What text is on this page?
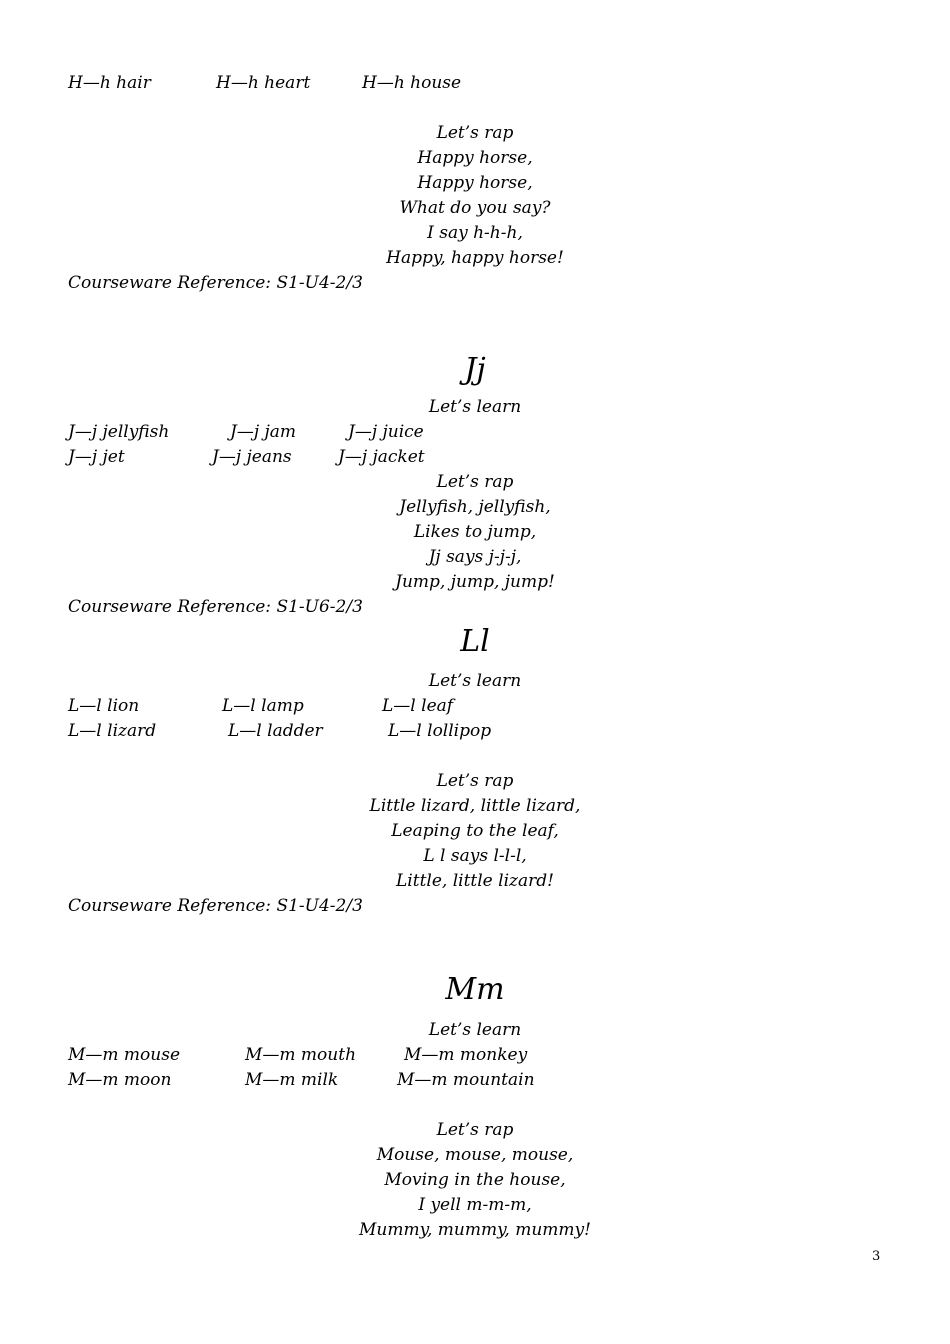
H—h hair	H—h heart	H—h house
Let’s rap
Happy horse,
Happy horse,
What do you say?
I say h-h-h,
Happy, happy horse!
Courseware Reference: S1-U4-2/3
Jj
Let’s learn
J—j jellyfish	J—j jam	J—j juice
J—j jet	J—j jeans	J—j jacket
Let’s rap
Jellyfish, jellyfish,
Likes to jump,
Jj says j-j-j,
Jump, jump, jump!
Courseware Reference: S1-U6-2/3
Ll
Let’s learn
L—l lion	L—l lamp	L—l leaf
L—l lizard	L—l ladder	L—l lollipop
Let’s rap
Little lizard, little lizard,
Leaping to the leaf,
L l says l-l-l,
Little, little lizard!
Courseware Reference: S1-U4-2/3
Mm
Let’s learn
M—m mouse	M—m mouth	M—m monkey
M—m moon	M—m milk	M—m mountain
Let’s rap
Mouse, mouse, mouse,
Moving in the house,
I yell m-m-m,
Mummy, mummy, mummy!
3
